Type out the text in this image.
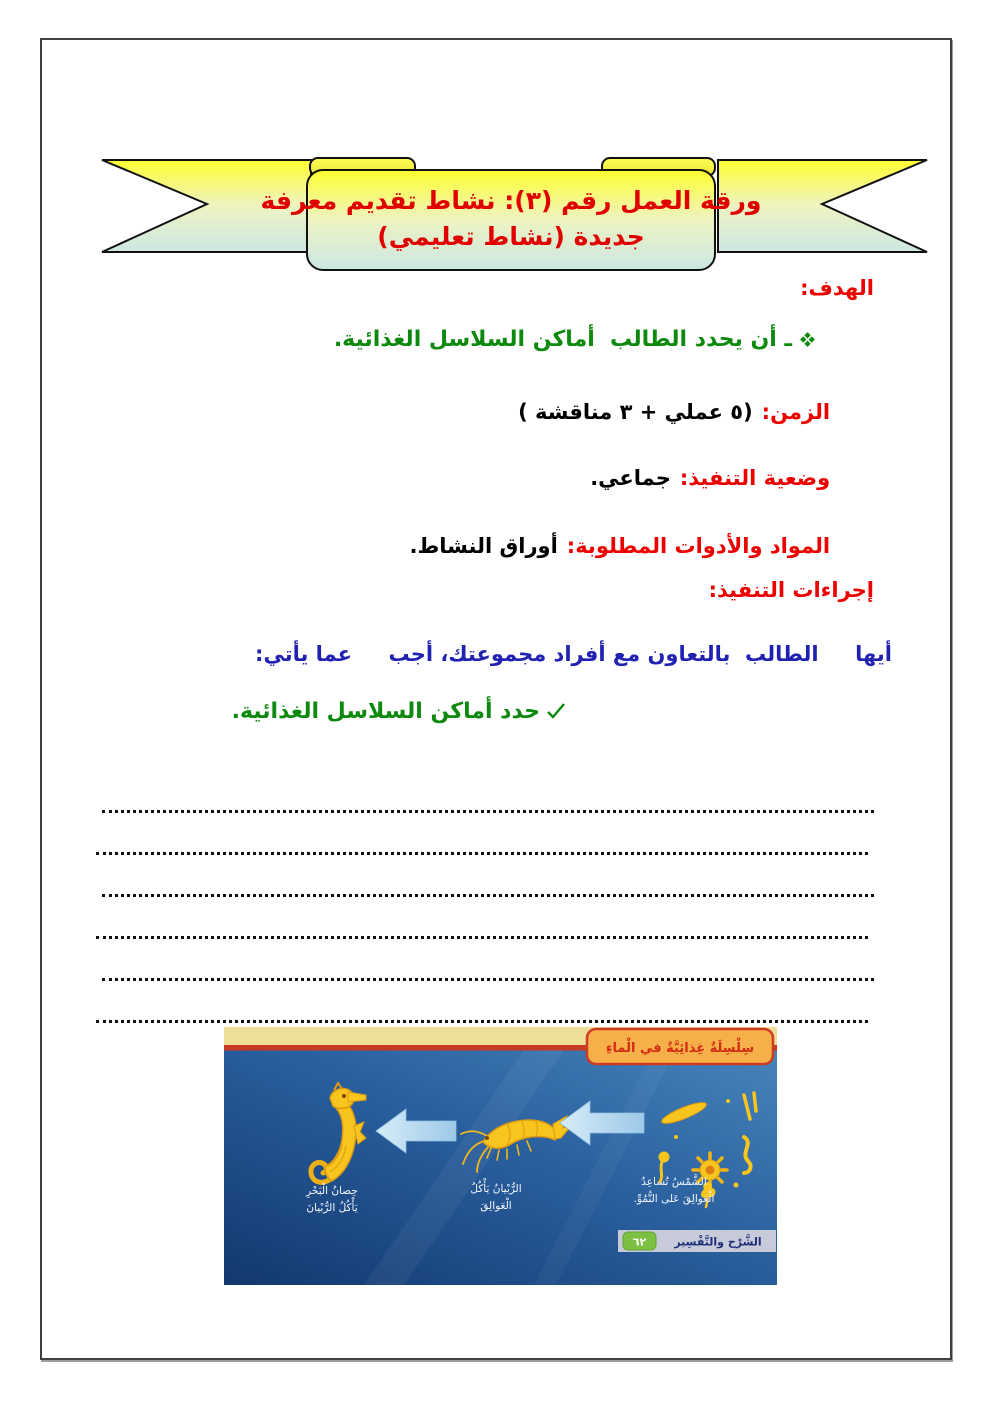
ورقة العمل رقم (٣): نشاط تقديم معرفة
جديدة (نشاط تعليمي)
الهدف:

ـ أن يحدد الطالب  أماكن السلاسل الغذائية.

الزمن:(٥ عملي + ٣ مناقشة )

وضعية التنفيذ:جماعي.

المواد والأدوات المطلوبة:أوراق النشاط.

إجراءات التنفيذ:
أيها     الطالب  بالتعاون مع أفراد مجموعتك، أجب     عما يأتي:

حدد أماكن السلاسل الغذائية.

سِلْسِلَةٌ غِذائِيَّةٌ في الْماءِ
حِصانُ الْبَحْرِ
يَأْكُلُ الرُّبْيانَ
الرُّبْيانُ يَأْكُلُ
الْعَوالِقَ
الشَّمْسُ تُساعِدُ
الْعَوالِقَ عَلى النُّمُوِّ.
٦٢	الشَّرْح والتَّفْسِير
